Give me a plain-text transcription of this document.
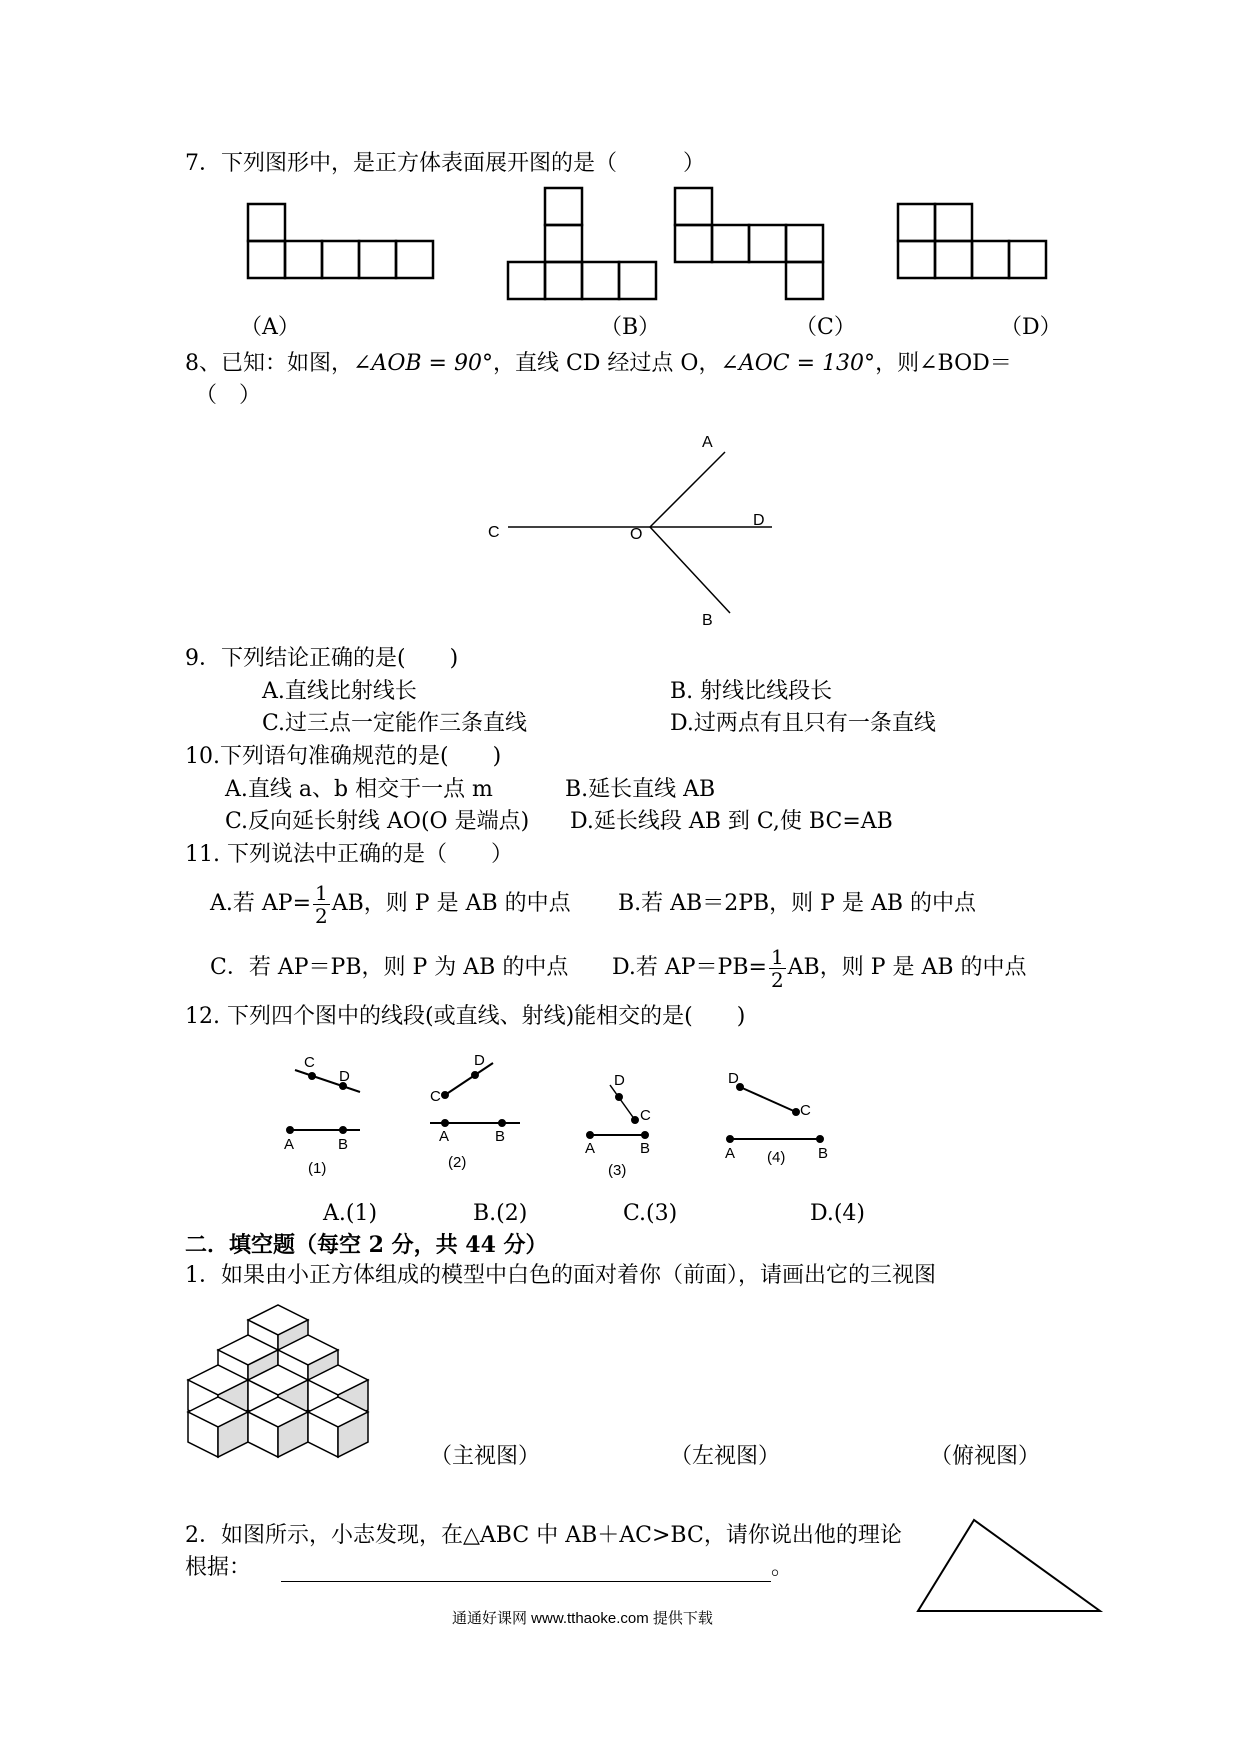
7．下列图形中，是正方体表面展开图的是（　　　）
（A）	（B）	（C）	（D）
8、已知：如图，∠AOB = 90°，直线 CD 经过点 O，∠AOC = 130°，则∠BOD＝
（　）
A
C	O
D
B
9．下列结论正确的是(　　)
A.直线比射线长	B. 射线比线段长
C.过三点一定能作三条直线	D.过两点有且只有一条直线
10.下列语句准确规范的是(　　)
A.直线 a、b 相交于一点 m	B.延长直线 AB
C.反向延长射线 AO(O 是端点) D.延长线段 AB 到 C,使 BC=AB
11. 下列说法中正确的是（　　）
A.若 $AP= \frac{1}{2}$ AB，则 P 是 AB 的中点 B.若 AB＝2PB，则 P 是 AB 的中点
C．若 AP＝PB，则 P 为 AB 的中点 D.若 $AP=PB= \frac{1}{2}$ AB，则 P 是 AB 的中点
12. 下列四个图中的线段(或直线、射线)能相交的是(　　)
C
D
A	B
(1)
C
D
A	B
(2)
D
C
A	B
(3)
D
C
A	B
(4)
A.(1)	B.(2)	C.(3)	D.(4)
二．填空题（每空 2 分，共 44 分）
1．如果由小正方体组成的模型中白色的面对着你（前面），请画出它的三视图
（主视图）	（左视图）	（俯视图）
2．如图所示，小志发现，在△ABC 中 AB＋AC>BC，请你说出他的理论
根据：	。
通通好课网 www.tthaoke.com 提供下载
